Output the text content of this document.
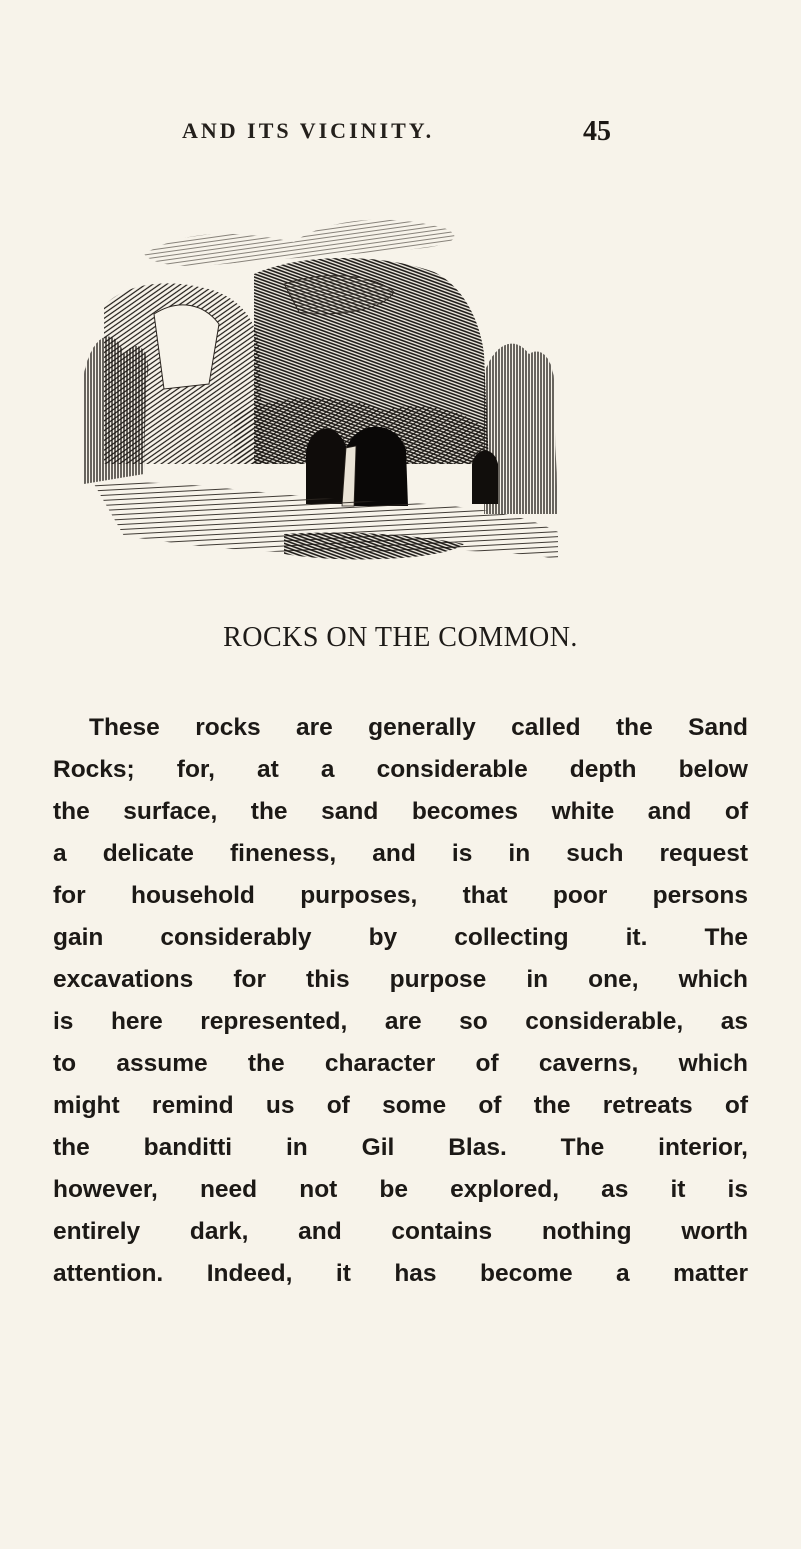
AND ITS VICINITY.	45
ROCKS ON THE COMMON.
These rocks are generally called the Sand
Rocks; for, at a considerable depth below
the surface, the sand becomes white and of
a delicate fineness, and is in such request
for household purposes, that poor persons
gain considerably by collecting it. The
excavations for this purpose in one, which
is here represented, are so considerable, as
to assume the character of caverns, which
might remind us of some of the retreats of
the banditti in Gil Blas. The interior,
however, need not be explored, as it is
entirely dark, and contains nothing worth
attention. Indeed, it has become a matter
